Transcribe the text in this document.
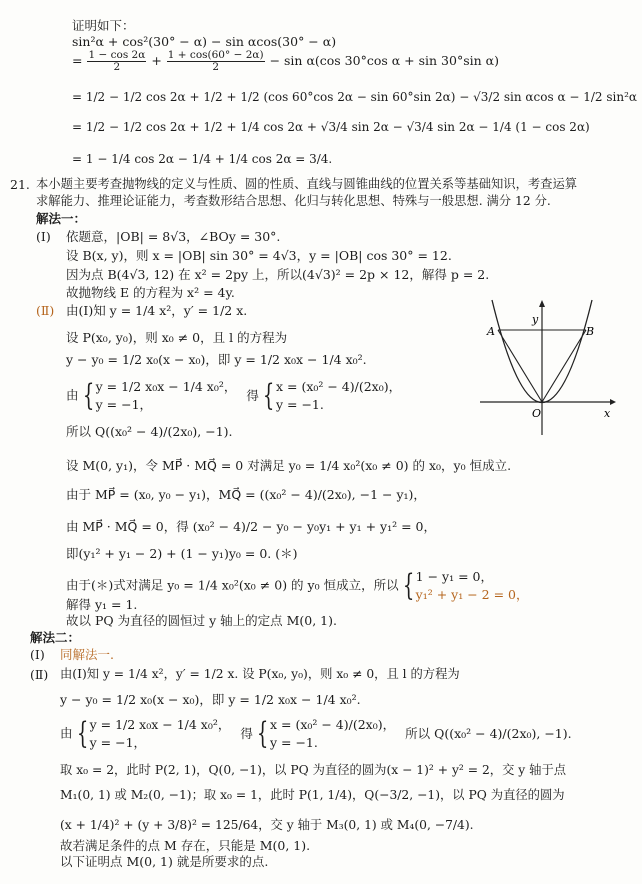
证明如下：
sin²α + cos²(30° − α) − sin αcos(30° − α)
= $\frac{1 - \cos 2\alpha}{2} + \frac{1 + \cos(60^\circ - 2\alpha)}{2} - \sin \alpha(\cos$ 30°cos α + sin 30°sin α)
= 1/2 − 1/2 cos 2α + 1/2 + 1/2 (cos 60°cos 2α − sin 60°sin 2α) − √3/2 sin αcos α − 1/2 sin²α
= 1/2 − 1/2 cos 2α + 1/2 + 1/4 cos 2α + √3/4 sin 2α − √3/4 sin 2α − 1/4 (1 − cos 2α)
= 1 − 1/4 cos 2α − 1/4 + 1/4 cos 2α = 3/4.
21. 本小题主要考查抛物线的定义与性质、圆的性质、直线与圆锥曲线的位置关系等基础知识，考查运算
求解能力、推理论证能力，考查数形结合思想、化归与转化思想、特殊与一般思想. 满分 12 分.
解法一：
(Ⅰ) 依题意，|OB| = 8√3，∠BOy = 30°.
设 B(x, y)，则 x = |OB| sin 30° = 4√3，y = |OB| cos 30° = 12.
因为点 B(4√3, 12) 在 x² = 2py 上，所以(4√3)² = 2p × 12，解得 p = 2.
故抛物线 E 的方程为 x² = 4y.
(Ⅱ) 由(Ⅰ)知 y = 1/4 x²，y′ = 1/2 x.
设 P(x₀, y₀)，则 x₀ ≠ 0，且 l 的方程为
y − y₀ = 1/2 x₀(x − x₀)，即 y = 1/2 x₀x − 1/4 x₀².
由 { y = 1/2 x₀x − 1/4 x₀²，
y = −1，
得 { x = (x₀² − 4)/(2x₀)，
y = −1.
所以 Q((x₀² − 4)/(2x₀), −1).
设 M(0, y₁)，令 MP⃗ · MQ⃗ = 0 对满足 y₀ = 1/4 x₀²(x₀ ≠ 0) 的 x₀，y₀ 恒成立.
由于 MP⃗ = (x₀, y₀ − y₁)，MQ⃗ = ((x₀² − 4)/(2x₀), −1 − y₁)，
由 MP⃗ · MQ⃗ = 0，得 (x₀² − 4)/2 − y₀ − y₀y₁ + y₁ + y₁² = 0，
即(y₁² + y₁ − 2) + (1 − y₁)y₀ = 0. (＊)
由于(＊)式对满足 y₀ = 1/4 x₀²(x₀ ≠ 0) 的 y₀ 恒成立，所以 { 1 − y₁ = 0，
y₁² + y₁ − 2 = 0，
解得 y₁ = 1.
故以 PQ 为直径的圆恒过 y 轴上的定点 M(0, 1).
解法二：
(Ⅰ) 同解法一.
(Ⅱ) 由(Ⅰ)知 y = 1/4 x²，y′ = 1/2 x. 设 P(x₀, y₀)，则 x₀ ≠ 0，且 l 的方程为
y − y₀ = 1/2 x₀(x − x₀)，即 y = 1/2 x₀x − 1/4 x₀².
由 { y = 1/2 x₀x − 1/4 x₀²，
y = −1，
得 { x = (x₀² − 4)/(2x₀)，
y = −1.
所以 Q((x₀² − 4)/(2x₀), −1).
取 x₀ = 2，此时 P(2, 1)，Q(0, −1)，以 PQ 为直径的圆为(x − 1)² + y² = 2，交 y 轴于点
M₁(0, 1) 或 M₂(0, −1)；取 x₀ = 1，此时 P(1, 1/4)，Q(−3/2, −1)，以 PQ 为直径的圆为
(x + 1/4)² + (y + 3/8)² = 125/64，交 y 轴于 M₃(0, 1) 或 M₄(0, −7/4).
故若满足条件的点 M 存在，只能是 M(0, 1).
以下证明点 M(0, 1) 就是所要求的点.
y
x
O
A	B
